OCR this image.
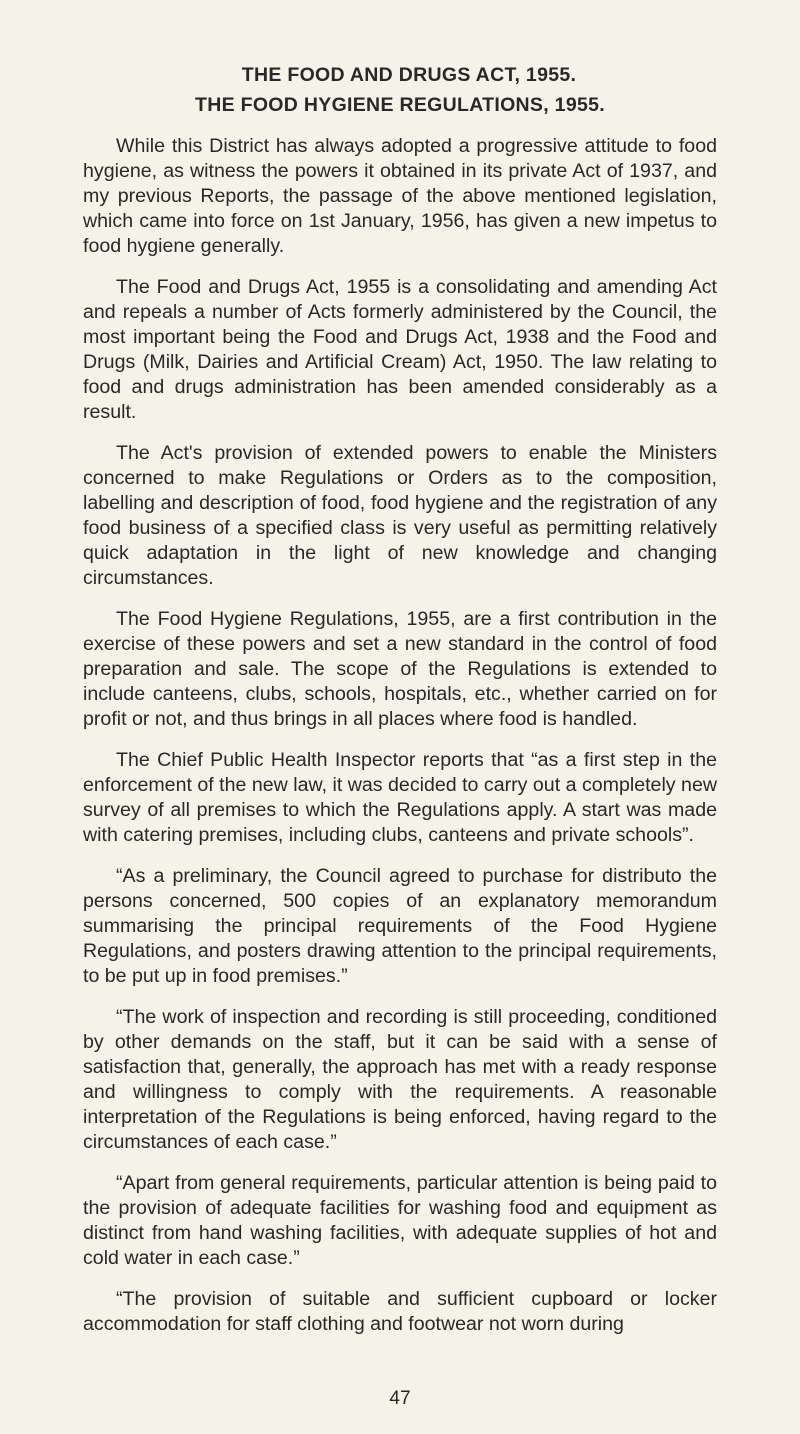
THE FOOD AND DRUGS ACT, 1955.
THE FOOD HYGIENE REGULATIONS, 1955.

While this District has always adopted a progressive attitude to food hygiene, as witness the powers it obtained in its private Act of 1937, and my previous Reports, the passage of the above mentioned legislation, which came into force on 1st January, 1956, has given a new impetus to food hygiene generally.

The Food and Drugs Act, 1955 is a consolidating and amending Act and repeals a number of Acts formerly administered by the Council, the most important being the Food and Drugs Act, 1938 and the Food and Drugs (Milk, Dairies and Artificial Cream) Act, 1950. The law relating to food and drugs administration has been amended considerably as a result.

The Act's provision of extended powers to enable the Ministers concerned to make Regulations or Orders as to the composition, labelling and description of food, food hygiene and the registration of any food business of a specified class is very useful as permitting relatively quick adaptation in the light of new knowledge and changing circumstances.

The Food Hygiene Regulations, 1955, are a first contribution in the exercise of these powers and set a new standard in the control of food preparation and sale. The scope of the Regulations is extended to include canteens, clubs, schools, hospitals, etc., whether carried on for profit or not, and thus brings in all places where food is handled.

The Chief Public Health Inspector reports that “as a first step in the enforcement of the new law, it was decided to carry out a completely new survey of all premises to which the Regulations apply. A start was made with catering premises, including clubs, canteens and private schools”.

“As a preliminary, the Council agreed to purchase for distributo the persons concerned, 500 copies of an explanatory memorandum summarising the principal requirements of the Food Hygiene Regulations, and posters drawing attention to the principal requirements, to be put up in food premises.”

“The work of inspection and recording is still proceeding, conditioned by other demands on the staff, but it can be said with a sense of satisfaction that, generally, the approach has met with a ready response and willingness to comply with the requirements. A reasonable interpretation of the Regulations is being enforced, having regard to the circumstances of each case.”

“Apart from general requirements, particular attention is being paid to the provision of adequate facilities for washing food and equipment as distinct from hand washing facilities, with adequate supplies of hot and cold water in each case.”

“The provision of suitable and sufficient cupboard or locker accommodation for staff clothing and footwear not worn during

47
